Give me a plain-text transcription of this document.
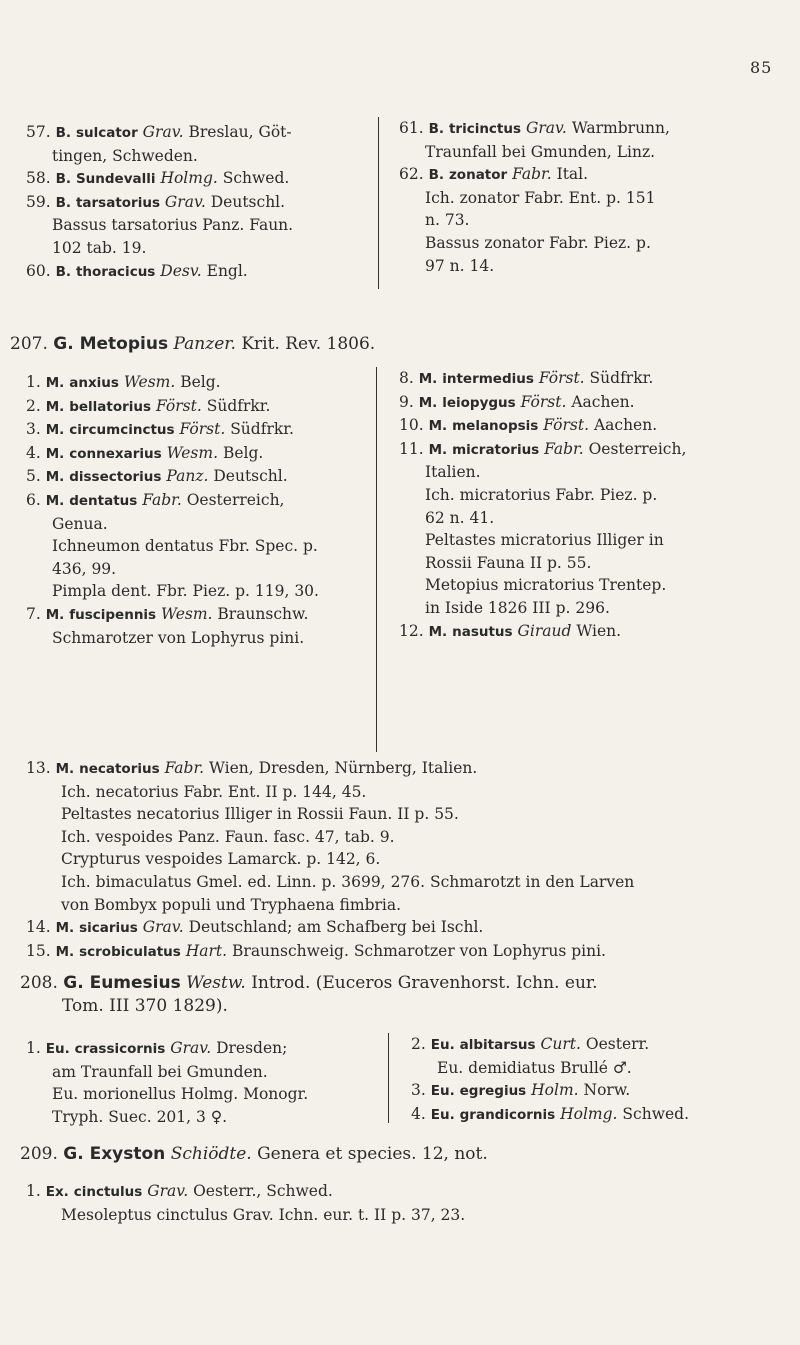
85
57. B. sulcator Grav. Breslau, Göt-
tingen, Schweden.
58. B. Sundevalli Holmg. Schwed.
59. B. tarsatorius Grav. Deutschl.
Bassus tarsatorius Panz. Faun.
102 tab. 19.
60. B. thoracicus Desv. Engl.
61. B. tricinctus Grav. Warmbrunn,
Traunfall bei Gmunden, Linz.
62. B. zonator Fabr. Ital.
Ich. zonator Fabr. Ent. p. 151
n. 73.
Bassus zonator Fabr. Piez. p.
97 n. 14.
207. G. Metopius Panzer. Krit. Rev. 1806.
1. M. anxius Wesm. Belg.
2. M. bellatorius Först. Südfrkr.
3. M. circumcinctus Först. Südfrkr.
4. M. connexarius Wesm. Belg.
5. M. dissectorius Panz. Deutschl.
6. M. dentatus Fabr. Oesterreich,
Genua.
Ichneumon dentatus Fbr. Spec. p.
436, 99.
Pimpla dent. Fbr. Piez. p. 119, 30.
7. M. fuscipennis Wesm. Braunschw.
Schmarotzer von Lophyrus pini.
8. M. intermedius Först. Südfrkr.
9. M. leiopygus Först. Aachen.
10. M. melanopsis Först. Aachen.
11. M. micratorius Fabr. Oesterreich,
Italien.
Ich. micratorius Fabr. Piez. p.
62 n. 41.
Peltastes micratorius Illiger in
Rossii Fauna II p. 55.
Metopius micratorius Trentep.
in Iside 1826 III p. 296.
12. M. nasutus Giraud Wien.
13. M. necatorius Fabr. Wien, Dresden, Nürnberg, Italien.
Ich. necatorius Fabr. Ent. II p. 144, 45.
Peltastes necatorius Illiger in Rossii Faun. II p. 55.
Ich. vespoides Panz. Faun. fasc. 47, tab. 9.
Crypturus vespoides Lamarck. p. 142, 6.
Ich. bimaculatus Gmel. ed. Linn. p. 3699, 276. Schmarotzt in den Larven
von Bombyx populi und Tryphaena fimbria.
14. M. sicarius Grav. Deutschland; am Schafberg bei Ischl.
15. M. scrobiculatus Hart. Braunschweig. Schmarotzer von Lophyrus pini.
208. G. Eumesius Westw. Introd. (Euceros Gravenhorst. Ichn. eur.
Tom. III 370 1829).
1. Eu. crassicornis Grav. Dresden;
am Traunfall bei Gmunden.
Eu. morionellus Holmg. Monogr.
Tryph. Suec. 201, 3 ♀.
2. Eu. albitarsus Curt. Oesterr.
Eu. demidiatus Brullé ♂.
3. Eu. egregius Holm. Norw.
4. Eu. grandicornis Holmg. Schwed.
209. G. Exyston Schiödte. Genera et species. 12, not.
1. Ex. cinctulus Grav. Oesterr., Schwed.
Mesoleptus cinctulus Grav. Ichn. eur. t. II p. 37, 23.
